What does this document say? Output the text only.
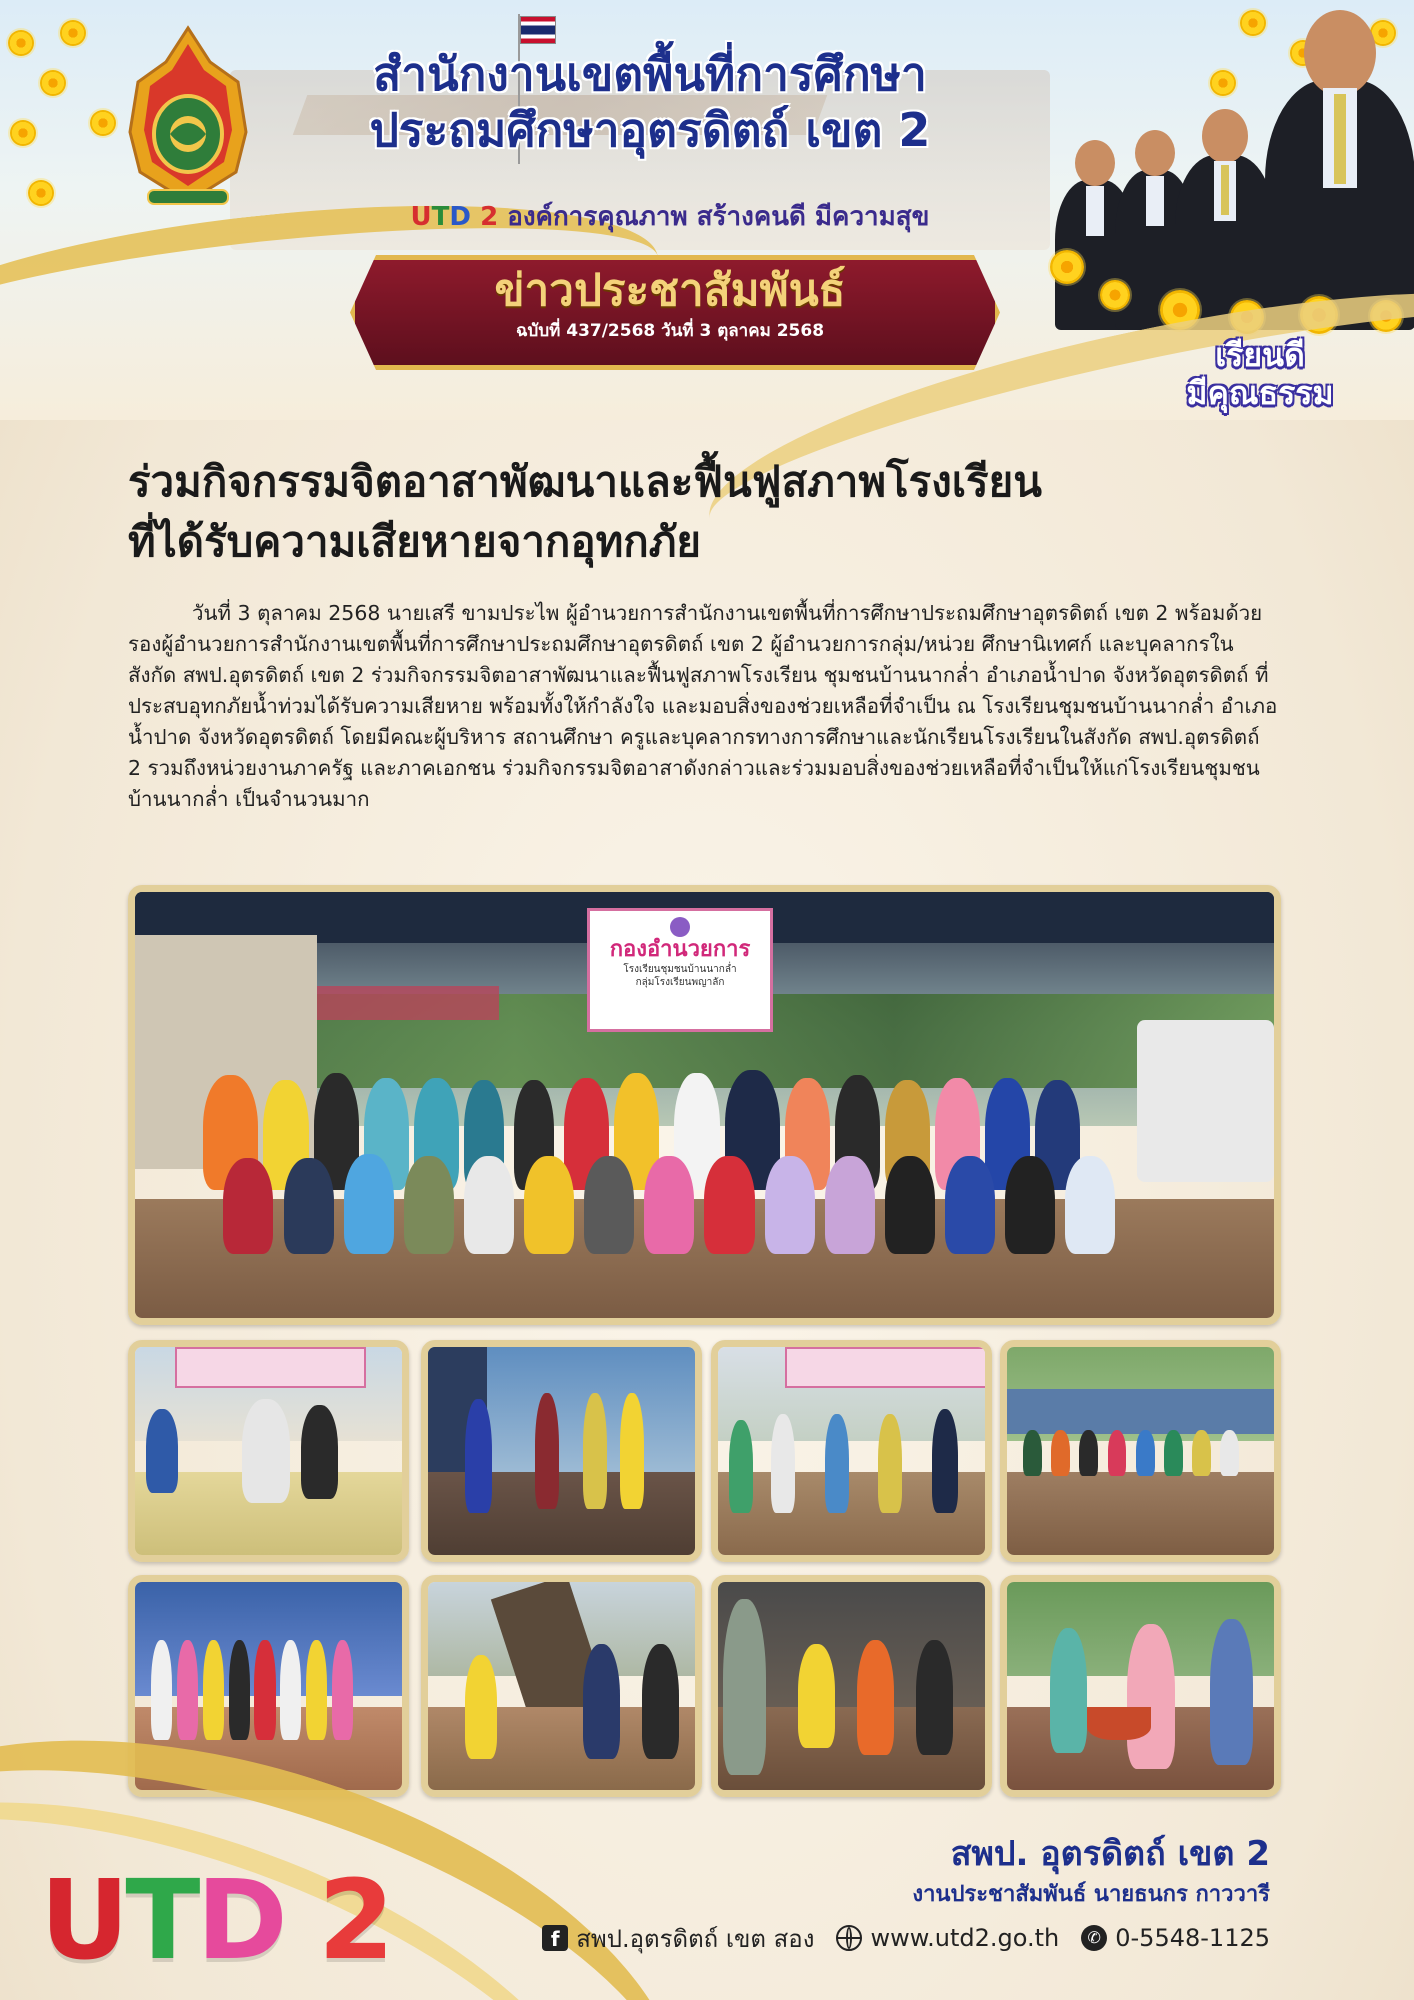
สำนักงานเขตพื้นที่การศึกษา
ประถมศึกษาอุตรดิตถ์ เขต 2
UTD 2 องค์การคุณภาพ สร้างคนดี มีความสุข
ข่าวประชาสัมพันธ์
ฉบับที่ 437/2568 วันที่ 3 ตุลาคม 2568
เรียนดี
มีคุณธรรม
ร่วมกิจกรรมจิตอาสาพัฒนาและฟื้นฟูสภาพโรงเรียน
ที่ได้รับความเสียหายจากอุทกภัย

วันที่ 3 ตุลาคม 2568 นายเสรี ขามประไพ ผู้อำนวยการสำนักงานเขตพื้นที่การศึกษาประถมศึกษาอุตรดิตถ์ เขต 2 พร้อมด้วยรองผู้อำนวยการสำนักงานเขตพื้นที่การศึกษาประถมศึกษาอุตรดิตถ์ เขต 2 ผู้อำนวยการกลุ่ม/หน่วย ศึกษานิเทศก์ และบุคลากรในสังกัด สพป.อุตรดิตถ์ เขต 2 ร่วมกิจกรรมจิตอาสาพัฒนาและฟื้นฟูสภาพโรงเรียน ชุมชนบ้านนากล่ำ อำเภอน้ำปาด จังหวัดอุตรดิตถ์ ที่ประสบอุทกภัยน้ำท่วมได้รับความเสียหาย พร้อมทั้งให้กำลังใจ และมอบสิ่งของช่วยเหลือที่จำเป็น ณ โรงเรียนชุมชนบ้านนากล่ำ อำเภอน้ำปาด จังหวัดอุตรดิตถ์ โดยมีคณะผู้บริหาร สถานศึกษา ครูและบุคลากรทางการศึกษาและนักเรียนโรงเรียนในสังกัด สพป.อุตรดิตถ์ 2 รวมถึงหน่วยงานภาครัฐ และภาคเอกชน ร่วมกิจกรรมจิตอาสาดังกล่าวและร่วมมอบสิ่งของช่วยเหลือที่จำเป็นให้แก่โรงเรียนชุมชนบ้านนากล่ำ เป็นจำนวนมาก

กองอำนวยการ
โรงเรียนชุมชนบ้านนากล่ำ
กลุ่มโรงเรียนพญาลัก
UTD 2
สพป. อุตรดิตถ์ เขต 2
งานประชาสัมพันธ์ นายธนกร กาววารี
f สพป.อุตรดิตถ์ เขต สอง www.utd2.go.th	✆ 0-5548-1125
